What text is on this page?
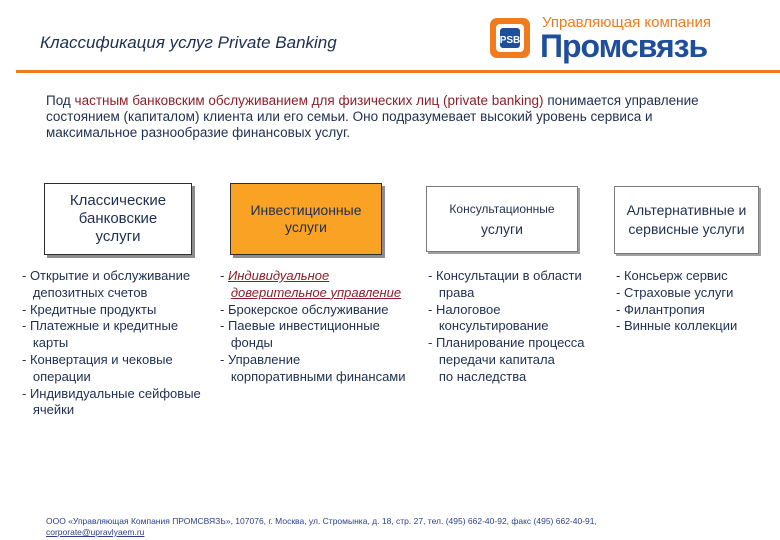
Классификация услуг Private Banking	PSB
Управляющая компания
Промсвязь
Под частным банковским обслуживанием для физических лиц (private banking) понимается управление состоянием (капиталом) клиента или его семьи. Оно подразумевает высокий уровень сервиса и максимальное разнообразие финансовых услуг.
Классические банковские услуги
Инвестиционные услуги
Консультационные
услуги
Альтернативные и сервисные услуги
- Открытие и обслуживание
депозитных счетов
- Кредитные продукты
- Платежные и кредитные
карты
- Конвертация и чековые
операции
- Индивидуальные сейфовые
ячейки
- Индивидуальное
доверительное управление
- Брокерское обслуживание
- Паевые инвестиционные
фонды
- Управление
корпоративными финансами
- Консультации в области
права
- Налоговое
консультирование
- Планирование процесса
передачи капитала
по наследства
- Консьерж сервис
- Страховые услуги
- Филантропия
- Винные коллекции
ООО «Управляющая Компания ПРОМСВЯЗЬ», 107076, г. Москва, ул. Стромынка, д. 18, стр. 27, тел. (495) 662-40-92, факс (495) 662-40-91,
corporate@upravlyaem.ru
